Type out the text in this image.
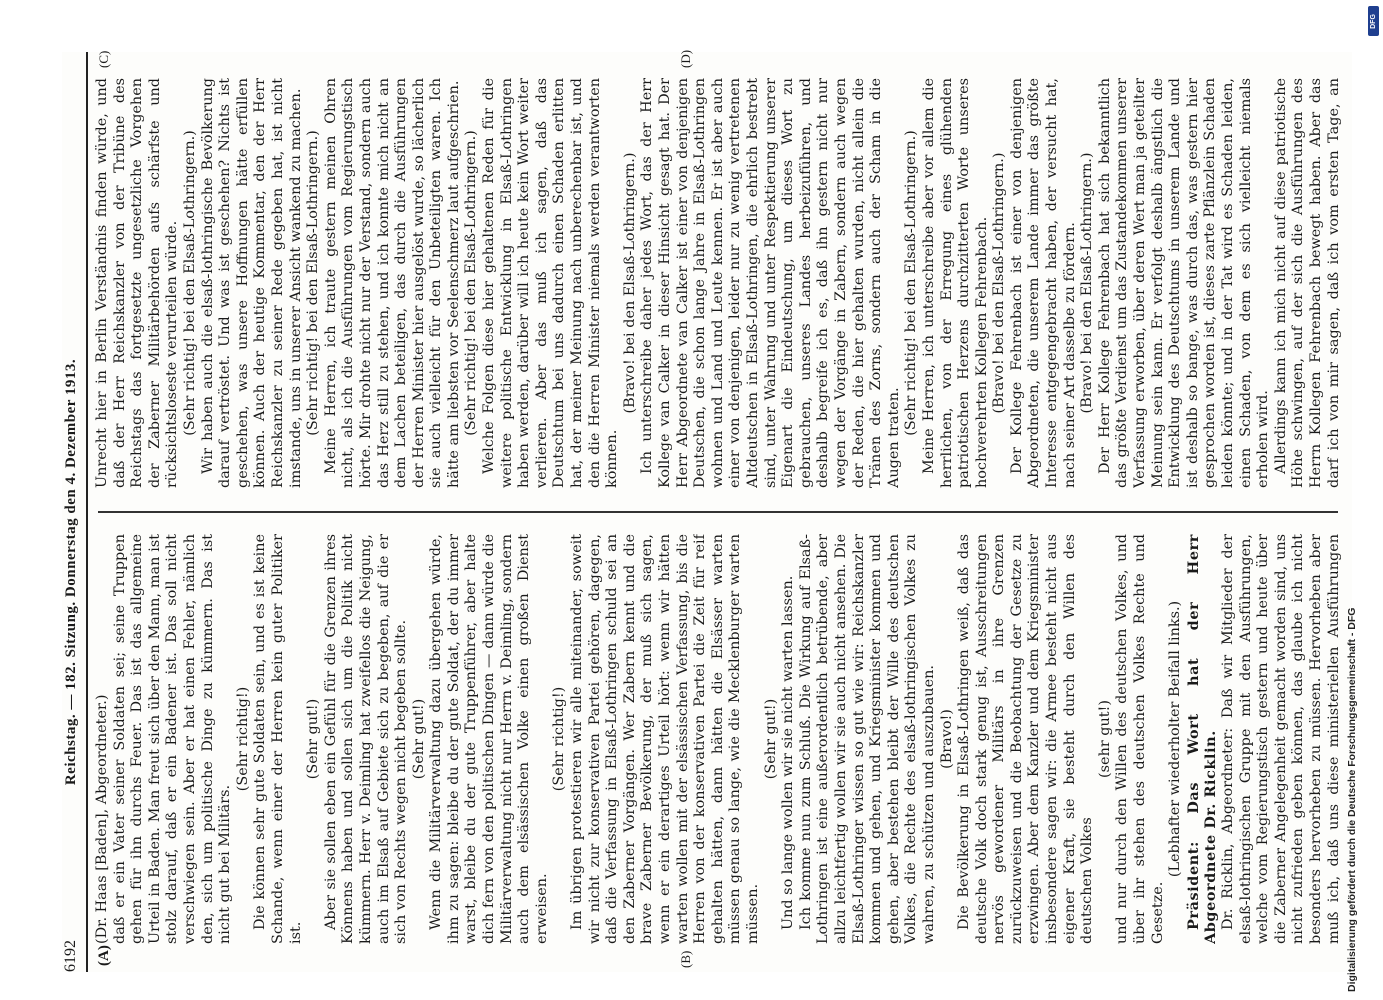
6192
Reichstag. — 182. Sitzung. Donnerstag den 4. Dezember 1913.
(A)	(B)
(C)	(D)

(Dr. Haas [Baden], Abgeordneter.) daß er ein Vater seiner Soldaten sei; seine Truppen gehen für ihn durchs Feuer. Das ist das allgemeine Urteil in Baden. Man freut sich über den Mann, man ist stolz darauf, daß er ein Badener ist. Das soll nicht verschwiegen sein. Aber er hat einen Fehler, nämlich den, sich um politische Dinge zu kümmern. Das ist nicht gut bei Militärs.

(Sehr richtig!) Die können sehr gute Soldaten sein, und es ist keine Schande, wenn einer der Herren kein guter Politiker ist.

(Sehr gut!) Aber sie sollen eben ein Gefühl für die Grenzen ihres Könnens haben und sollen sich um die Politik nicht kümmern. Herr v. Deimling hat zweifellos die Neigung, auch im Elsaß auf Gebiete sich zu begeben, auf die er sich von Rechts wegen nicht begeben sollte. (Sehr gut!) Wenn die Militärverwaltung dazu übergehen würde, ihm zu sagen: bleibe du der gute Soldat, der du immer warst, bleibe du der gute Truppenführer, aber halte dich fern von den politischen Dingen — dann würde die Militärverwaltung nicht nur Herrn v. Deimling, sondern auch dem elsässischen Volke einen großen Dienst erweisen.

(Sehr richtig!) Im übrigen protestieren wir alle miteinander, soweit wir nicht zur konservativen Partei gehören, dagegen, daß die Verfassung in Elsaß-Lothringen schuld sei an den Zaberner Vorgängen. Wer Zabern kennt und die brave Zaberner Bevölkerung, der muß sich sagen, wenn er ein derartiges Urteil hört: wenn wir hätten warten wollen mit der elsässischen Verfassung, bis die Herren von der konservativen Partei die Zeit für reif gehalten hätten, dann hätten die Elsässer warten müssen genau so lange, wie die Mecklenburger warten müssen.

(Sehr gut!) Und so lange wollen wir sie nicht warten lassen. Ich komme nun zum Schluß. Die Wirkung auf Elsaß-Lothringen ist eine außerordentlich betrübende, aber allzu leichtfertig wollen wir sie auch nicht ansehen. Die Elsaß-Lothringer wissen so gut wie wir: Reichskanzler kommen und gehen, und Kriegsminister kommen und gehen, aber bestehen bleibt der Wille des deutschen Volkes, die Rechte des elsaß-lothringischen Volkes zu wahren, zu schützen und auszubauen. (Bravo!) Die Bevölkerung in Elsaß-Lothringen weiß, daß das deutsche Volk doch stark genug ist, Ausschreitungen nervös gewordener Militärs in ihre Grenzen zurückzuweisen und die Beobachtung der Gesetze zu erzwingen. Aber dem Kanzler und dem Kriegsminister insbesondere sagen wir: die Armee besteht nicht aus eigener Kraft, sie besteht durch den Willen des deutschen Volkes

(sehr gut!) und nur durch den Willen des deutschen Volkes, und über ihr stehen des deutschen Volkes Rechte und Gesetze.

(Lebhafter wiederholter Beifall links.) Präsident: Das Wort hat der Herr Abgeordnete Dr. Ricklin. Dr. Ricklin, Abgeordneter: Daß wir Mitglieder der elsaß-lothringischen Gruppe mit den Ausführungen, welche vom Regierungstisch gestern und heute über die Zaberner Angelegenheit gemacht worden sind, uns nicht zufrieden geben können, das glaube ich nicht besonders hervorheben zu müssen. Hervorheben aber muß ich, daß uns diese ministeriellen Ausführungen

Unrecht hier in Berlin Verständnis finden würde, und daß der Herr Reichskanzler von der Tribüne des Reichstags das fortgesetzte ungesetzliche Vorgehen der Zaberner Militärbehörden aufs schärfste und rücksichtsloseste verurteilen würde. (Sehr richtig! bei den Elsaß-Lothringern.) Wir haben auch die elsaß-lothringische Bevölkerung darauf vertröstet. Und was ist geschehen? Nichts ist geschehen, was unsere Hoffnungen hätte erfüllen können. Auch der heutige Kommentar, den der Herr Reichskanzler zu seiner Rede gegeben hat, ist nicht imstande, uns in unserer Ansicht wankend zu machen. (Sehr richtig! bei den Elsaß-Lothringern.) Meine Herren, ich traute gestern meinen Ohren nicht, als ich die Ausführungen vom Regierungstisch hörte. Mir drohte nicht nur der Verstand, sondern auch das Herz still zu stehen, und ich konnte mich nicht an dem Lachen beteiligen, das durch die Ausführungen der Herren Minister hier ausgelöst wurde, so lächerlich sie auch vielleicht für den Unbeteiligten waren. Ich hätte am liebsten vor Seelenschmerz laut aufgeschrien. (Sehr richtig! bei den Elsaß-Lothringern.) Welche Folgen diese hier gehaltenen Reden für die weitere politische Entwicklung in Elsaß-Lothringen haben werden, darüber will ich heute kein Wort weiter verlieren. Aber das muß ich sagen, daß das Deutschtum bei uns dadurch einen Schaden erlitten hat, der meiner Meinung nach unberechenbar ist, und den die Herren Minister niemals werden verantworten können.

(Bravo! bei den Elsaß-Lothringern.) Ich unterschreibe daher jedes Wort, das der Herr Kollege van Calker in dieser Hinsicht gesagt hat. Der Herr Abgeordnete van Calker ist einer von denjenigen Deutschen, die schon lange Jahre in Elsaß-Lothringen wohnen und Land und Leute kennen. Er ist aber auch einer von denjenigen, leider nur zu wenig vertretenen Altdeutschen in Elsaß-Lothringen, die ehrlich bestrebt sind, unter Wahrung und unter Respektierung unserer Eigenart die Eindeutschung, um dieses Wort zu gebrauchen, unseres Landes herbeizuführen, und deshalb begreife ich es, daß ihn gestern nicht nur wegen der Vorgänge in Zabern, sondern auch wegen der Reden, die hier gehalten wurden, nicht allein die Tränen des Zorns, sondern auch der Scham in die Augen traten.

(Sehr richtig! bei den Elsaß-Lothringern.) Meine Herren, ich unterschreibe aber vor allem die herrlichen, von der Erregung eines glühenden patriotischen Herzens durchzitterten Worte unseres hochverehrten Kollegen Fehrenbach. (Bravo! bei den Elsaß-Lothringern.) Der Kollege Fehrenbach ist einer von denjenigen Abgeordneten, die unserem Lande immer das größte Interesse entgegengebracht haben, der versucht hat, nach seiner Art dasselbe zu fördern. (Bravo! bei den Elsaß-Lothringern.) Der Herr Kollege Fehrenbach hat sich bekanntlich das größte Verdienst um das Zustandekommen unserer Verfassung erworben, über deren Wert man ja geteilter Meinung sein kann. Er verfolgt deshalb ängstlich die Entwicklung des Deutschtums in unserem Lande und ist deshalb so bange, was durch das, was gestern hier gesprochen worden ist, dieses zarte Pflänzlein Schaden leiden könnte; und in der Tat wird es Schaden leiden, einen Schaden, von dem es sich vielleicht niemals erholen wird. Allerdings kann ich mich nicht auf diese patriotische Höhe schwingen, auf der sich die Ausführungen des Herrn Kollegen Fehrenbach bewegt haben. Aber das darf ich von mir sagen, daß ich vom ersten Tage, an

Digitalisierung gefördert durch die Deutsche Forschungsgemeinschaft - DFG
DFG
